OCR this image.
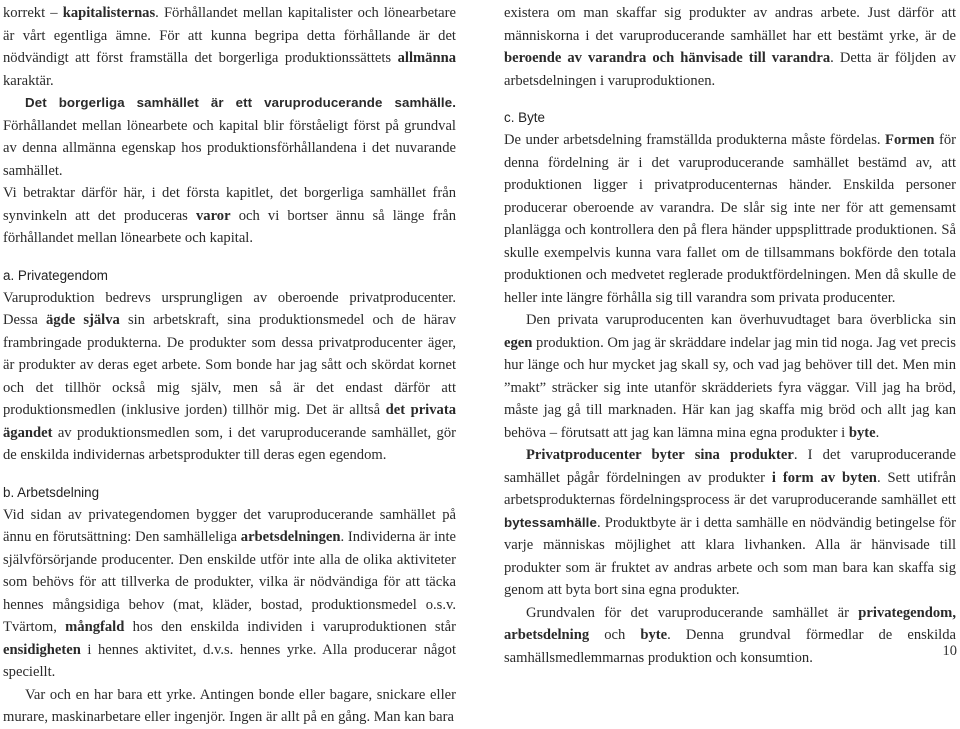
korrekt – kapitalisternas. Förhållandet mellan kapitalister och lönearbetare är vårt egentliga ämne. För att kunna begripa detta förhållande är det nödvändigt att först framställa det borgerliga produktionssättets allmänna karaktär.

Det borgerliga samhället är ett varuproducerande samhälle. Förhållandet mellan lönearbete och kapital blir förståeligt först på grundval av denna allmänna egenskap hos produktionsförhållandena i det nuvarande samhället.

Vi betraktar därför här, i det första kapitlet, det borgerliga samhället från synvinkeln att det produceras varor och vi bortser ännu så länge från förhållandet mellan lönearbete och kapital.

a. Privategendom

Varuproduktion bedrevs ursprungligen av oberoende privatproducenter. Dessa ägde själva sin arbetskraft, sina produktionsmedel och de härav frambringade produkterna. De produkter som dessa privatproducenter äger, är produkter av deras eget arbete. Som bonde har jag sått och skördat kornet och det tillhör också mig själv, men så är det endast därför att produktionsmedlen (inklusive jorden) tillhör mig. Det är alltså det privata ägandet av produktionsmedlen som, i det varuproducerande samhället, gör de enskilda individernas arbetsprodukter till deras egen egendom.

b. Arbetsdelning

Vid sidan av privategendomen bygger det varuproducerande samhället på ännu en förutsättning: Den samhälleliga arbetsdelningen. Individerna är inte självförsörjande producenter. Den enskilde utför inte alla de olika aktiviteter som behövs för att tillverka de produkter, vilka är nödvändiga för att täcka hennes mångsidiga behov (mat, kläder, bostad, produktionsmedel o.s.v. Tvärtom, mångfald hos den enskilda individen i varuproduktionen står ensidigheten i hennes aktivitet, d.v.s. hennes yrke. Alla producerar något speciellt.

Var och en har bara ett yrke. Antingen bonde eller bagare, snickare eller murare, maskinarbetare eller ingenjör. Ingen är allt på en gång. Man kan bara

existera om man skaffar sig produkter av andras arbete. Just därför att människorna i det varuproducerande samhället har ett bestämt yrke, är de beroende av varandra och hänvisade till varandra. Detta är följden av arbetsdelningen i varuproduktionen.

c. Byte

De under arbetsdelning framställda produkterna måste fördelas. Formen för denna fördelning är i det varuproducerande samhället bestämd av, att produktionen ligger i privatproducenternas händer. Enskilda personer producerar oberoende av varandra. De slår sig inte ner för att gemensamt planlägga och kontrollera den på flera händer uppsplittrade produktionen. Så skulle exempelvis kunna vara fallet om de tillsammans bokförde den totala produktionen och medvetet reglerade produktfördelningen. Men då skulle de heller inte längre förhålla sig till varandra som privata producenter.

Den privata varuproducenten kan överhuvudtaget bara överblicka sin egen produktion. Om jag är skräddare indelar jag min tid noga. Jag vet precis hur länge och hur mycket jag skall sy, och vad jag behöver till det. Men min ”makt” sträcker sig inte utanför skrädderiets fyra väggar. Vill jag ha bröd, måste jag gå till marknaden. Här kan jag skaffa mig bröd och allt jag kan behöva – förutsatt att jag kan lämna mina egna produkter i byte.

Privatproducenter byter sina produkter. I det varuproducerande samhället pågår fördelningen av produkter i form av byten. Sett utifrån arbetsprodukternas fördelningsprocess är det varuproducerande samhället ett bytessamhälle. Produktbyte är i detta samhälle en nödvändig betingelse för varje människas möjlighet att klara livhanken. Alla är hänvisade till produkter som är fruktet av andras arbete och som man bara kan skaffa sig genom att byta bort sina egna produkter.

Grundvalen för det varuproducerande samhället är privategendom, arbetsdelning och byte. Denna grundval förmedlar de enskilda samhällsmedlemmarnas produktion och konsumtion.	10
